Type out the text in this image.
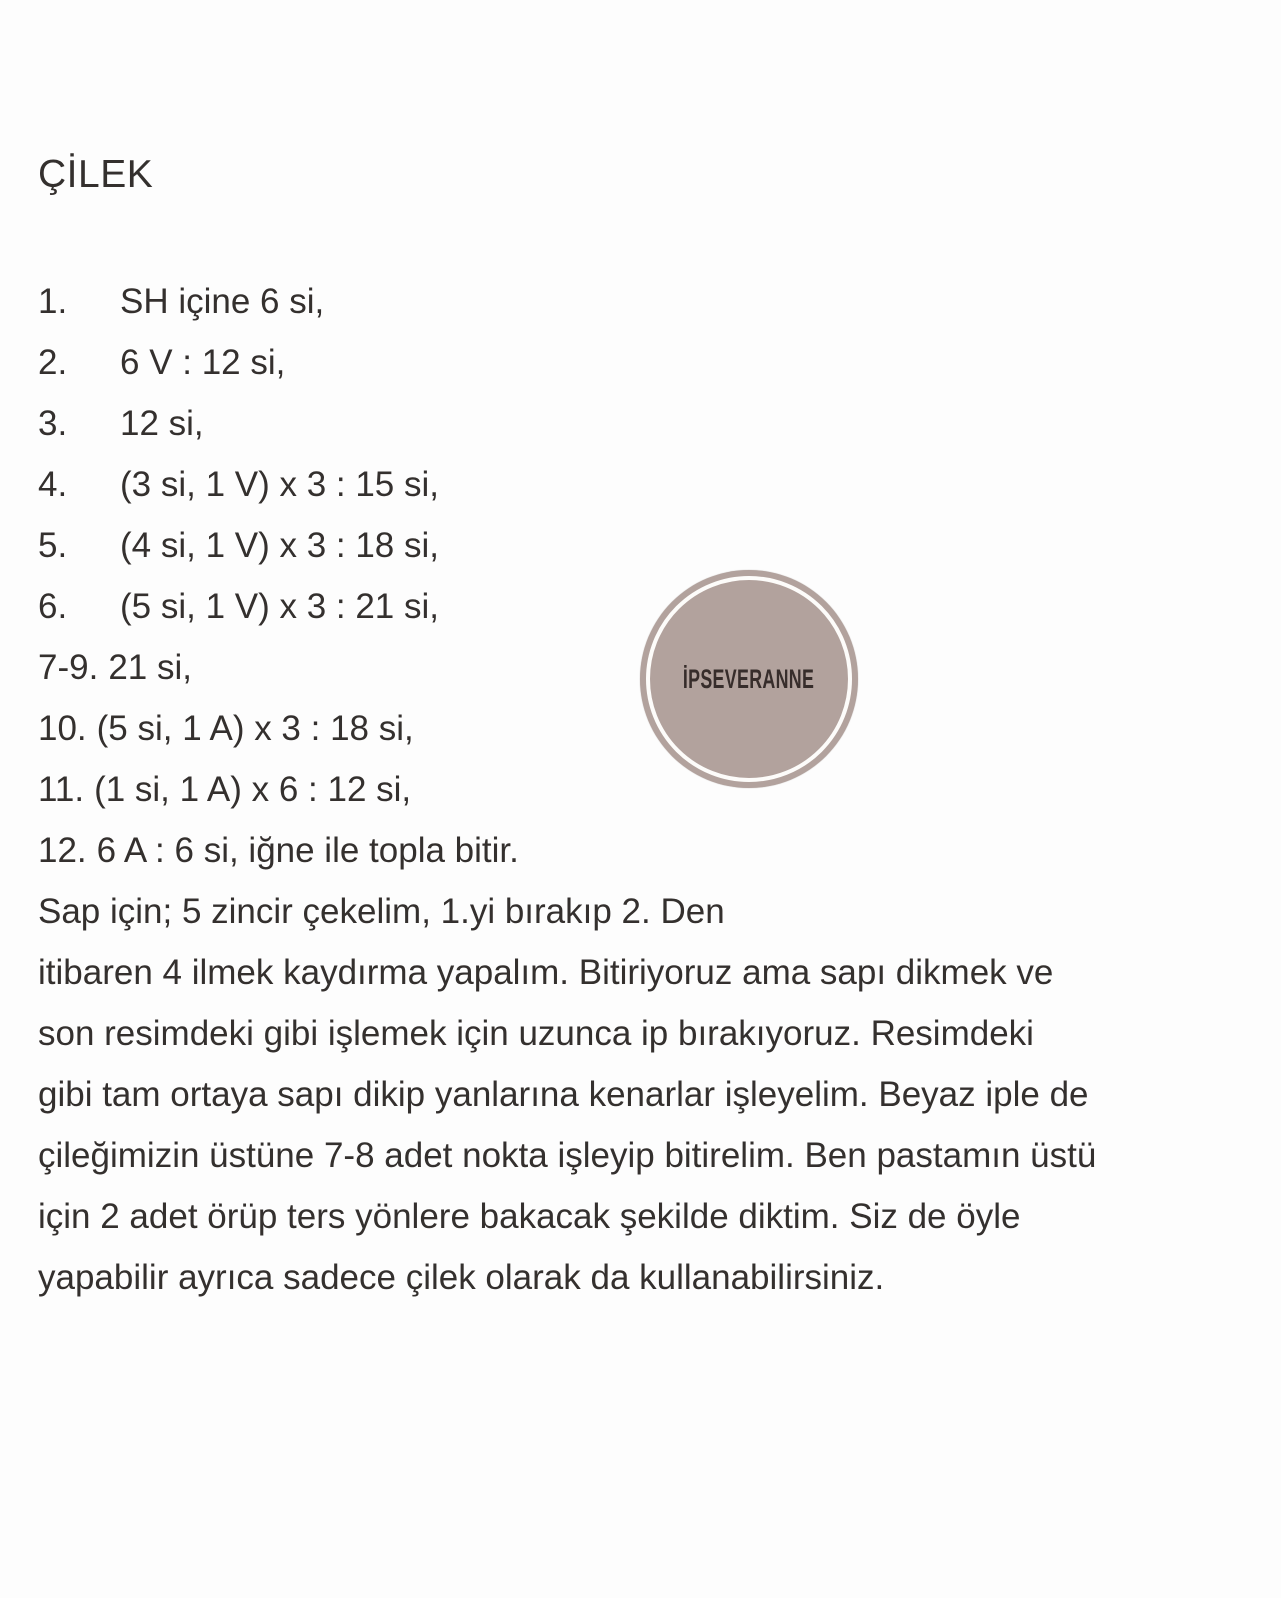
ÇİLEK
1. SH içine 6 si,
2. 6 V : 12 si,
3. 12 si,
4. (3 si, 1 V) x 3 : 15 si,
5. (4 si, 1 V) x 3 : 18 si,
6. (5 si, 1 V) x 3 : 21 si,
7-9. 21 si,
10. (5 si, 1 A) x 3 : 18 si,
11. (1 si, 1 A) x 6 : 12 si,
12. 6 A : 6 si, iğne ile topla bitir.
Sap için; 5 zincir çekelim, 1.yi bırakıp 2. Den
itibaren 4 ilmek kaydırma yapalım. Bitiriyoruz ama sapı dikmek ve
son resimdeki gibi işlemek için uzunca ip bırakıyoruz. Resimdeki
gibi tam ortaya sapı dikip yanlarına kenarlar işleyelim. Beyaz iple de
çileğimizin üstüne 7-8 adet nokta işleyip bitirelim. Ben pastamın üstü
için 2 adet örüp ters yönlere bakacak şekilde diktim. Siz de öyle
yapabilir ayrıca sadece çilek olarak da kullanabilirsiniz.
İPSEVERANNE
